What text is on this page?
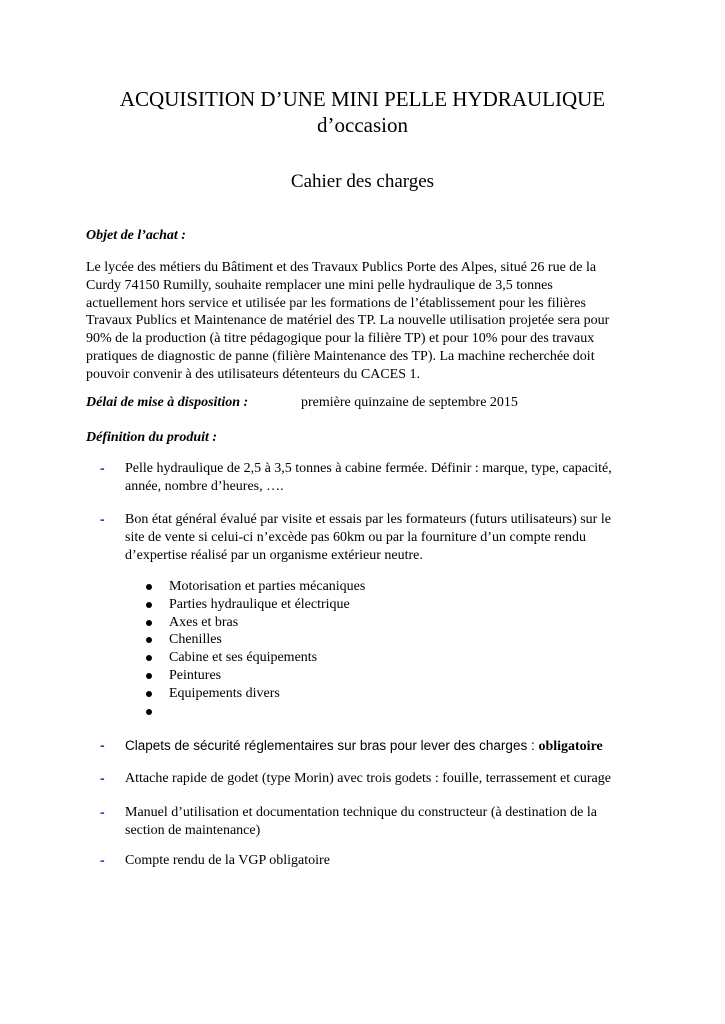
ACQUISITION D’UNE MINI PELLE HYDRAULIQUE
d’occasion
Cahier des charges
Objet de l’achat :
Le lycée des métiers du Bâtiment et des Travaux Publics Porte des Alpes, situé 26 rue de la
Curdy 74150 Rumilly, souhaite remplacer une mini pelle hydraulique de 3,5 tonnes
actuellement hors service et utilisée par les formations de l’établissement pour les filières
Travaux Publics et Maintenance de matériel des TP. La nouvelle utilisation projetée sera pour
90% de la production (à titre pédagogique pour la filière TP) et pour 10% pour des travaux
pratiques de diagnostic de panne (filière Maintenance des TP). La machine recherchée doit
pouvoir convenir à des utilisateurs détenteurs du CACES 1.
Délai de mise à disposition :	première quinzaine de septembre 2015
Définition du produit :
-	Pelle hydraulique de 2,5 à 3,5 tonnes à cabine fermée. Définir : marque, type, capacité,
année, nombre d’heures, ….
-	Bon état général évalué par visite et essais par les formateurs (futurs utilisateurs) sur le
site de vente si celui-ci n’excède pas 60km ou par la fourniture d’un compte rendu
d’expertise réalisé par un organisme extérieur neutre.
Motorisation et parties mécaniques
Parties hydraulique et électrique
Axes et bras
Chenilles
Cabine et ses équipements
Peintures
Equipements divers
-	Clapets de sécurité réglementaires sur bras pour lever des charges : obligatoire
-	Attache rapide de godet (type Morin) avec trois godets : fouille, terrassement et curage
-	Manuel d’utilisation et documentation technique du constructeur (à destination de la
section de maintenance)
-	Compte rendu de la VGP obligatoire
